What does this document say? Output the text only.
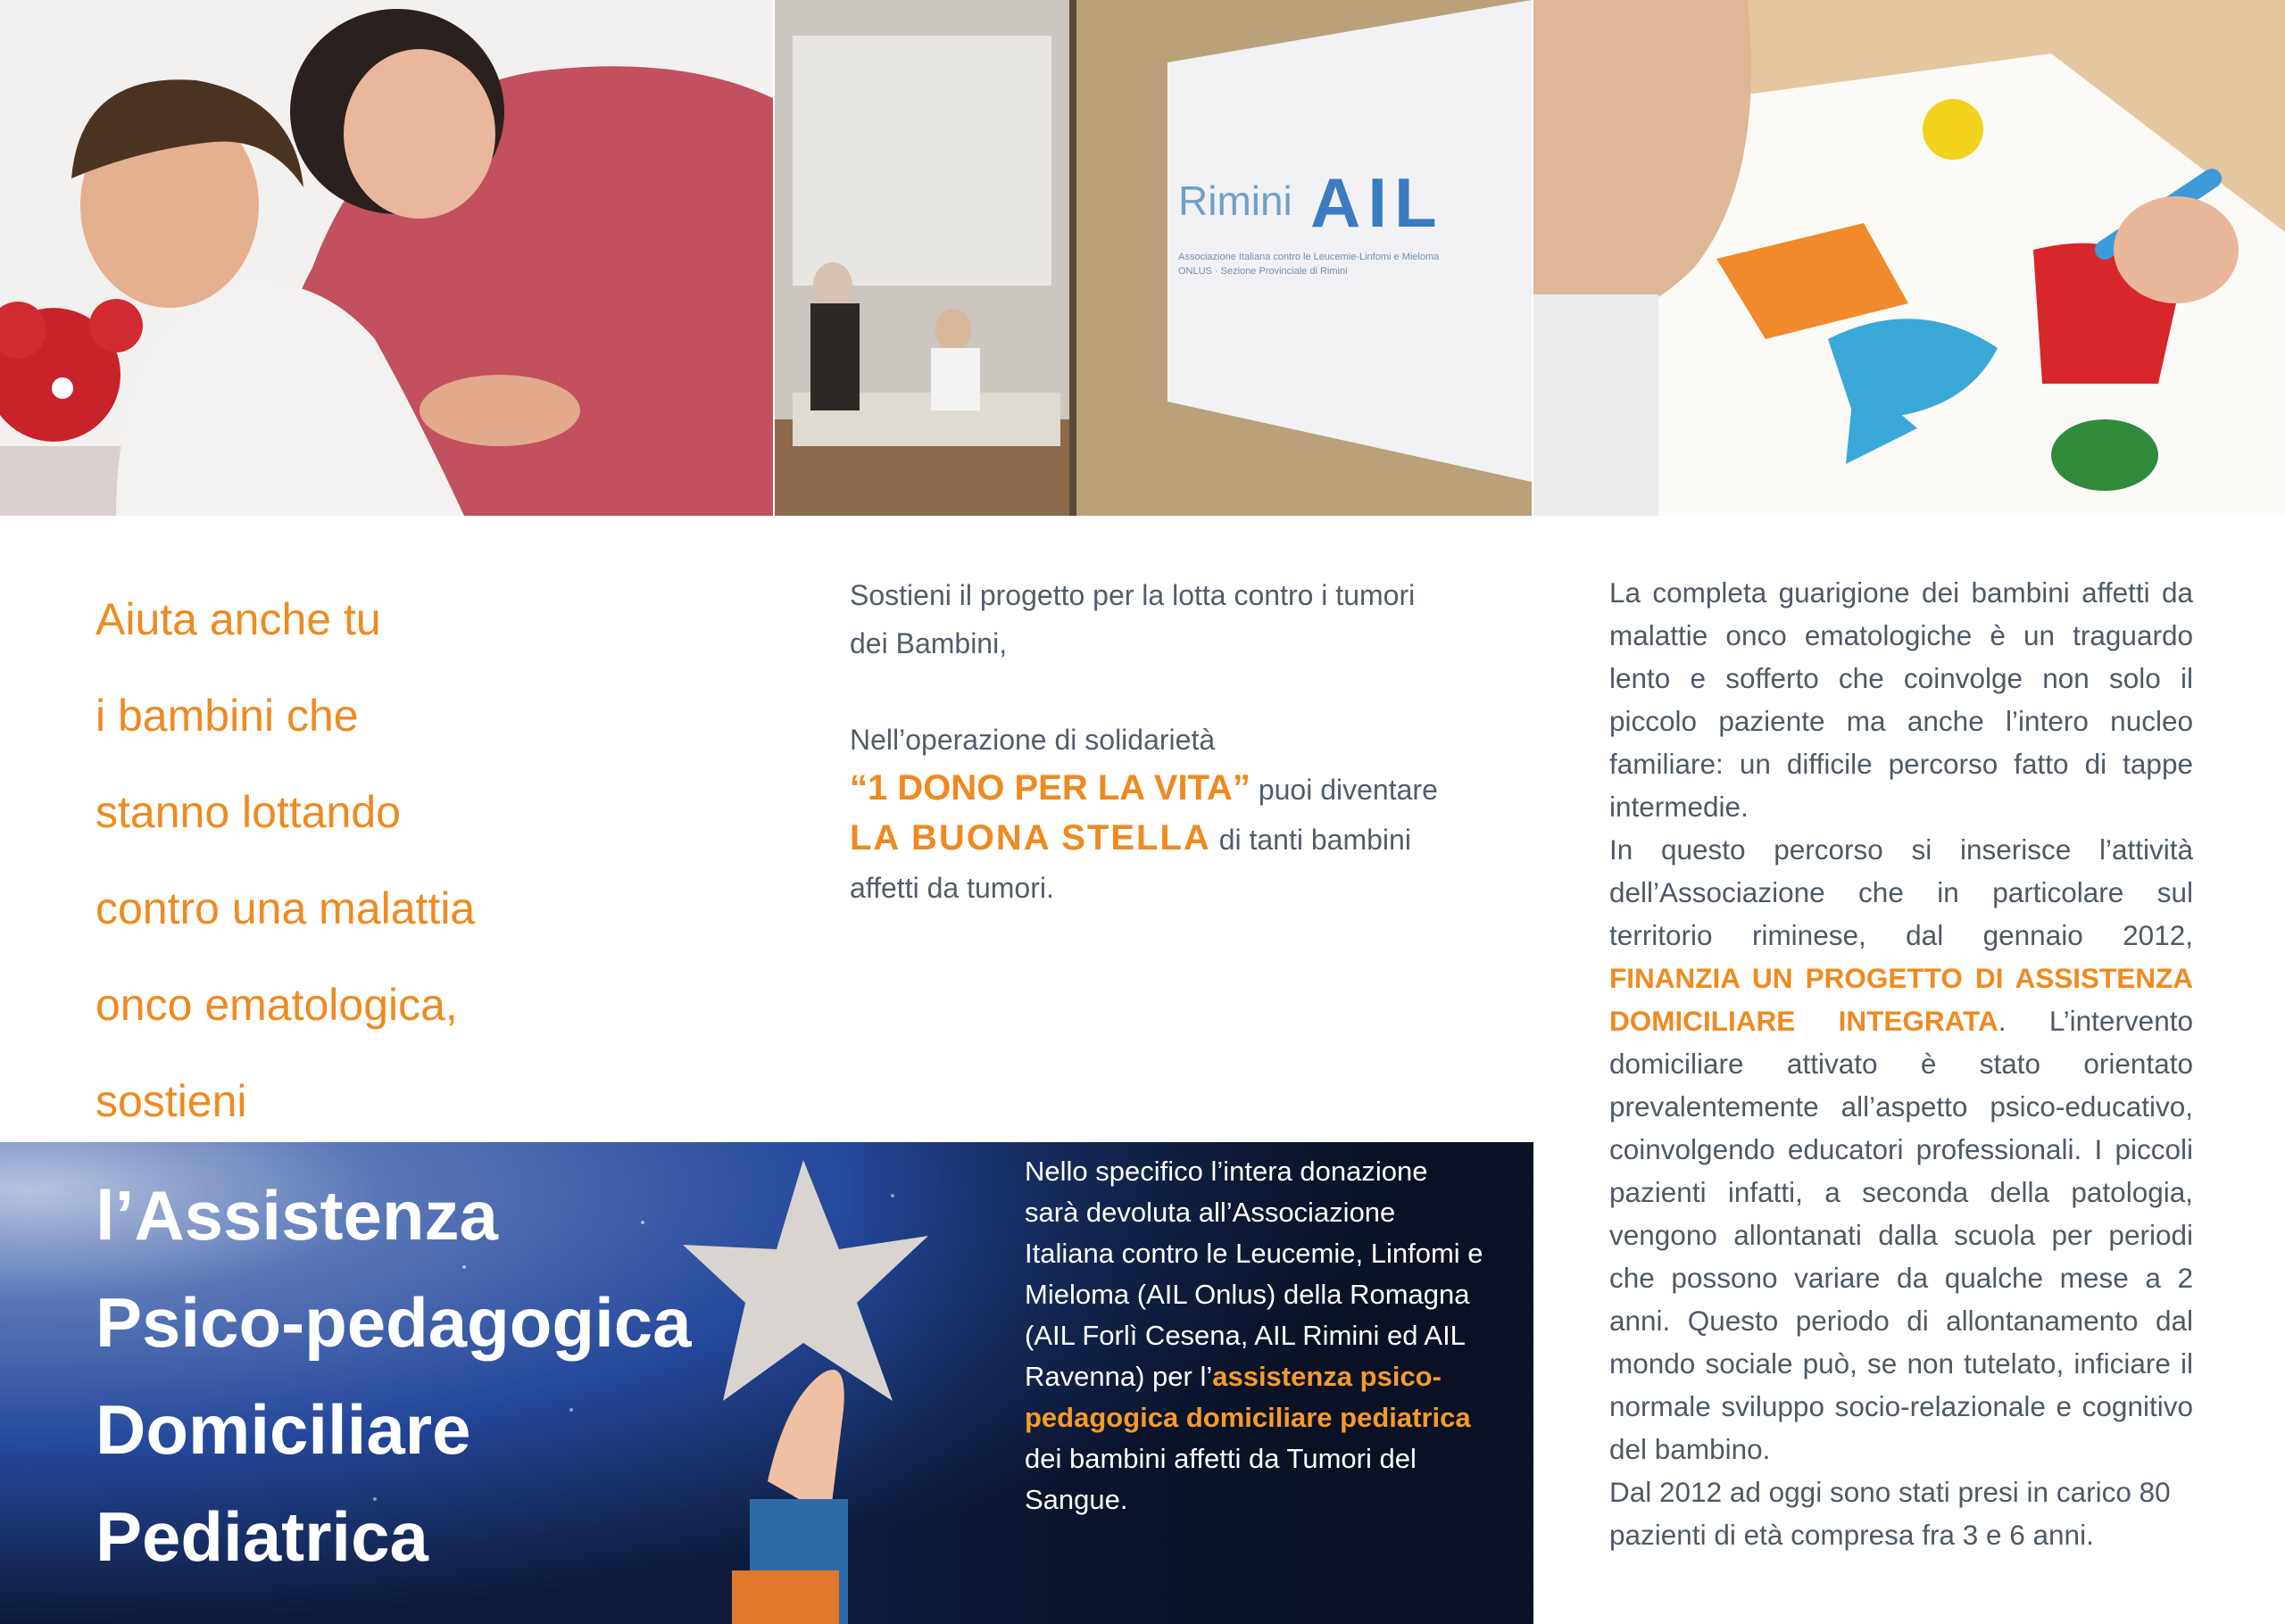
Rimini AIL
Associazione Italiana contro le Leucemie-Linfomi e Mieloma
ONLUS · Sezione Provinciale di Rimini
Aiuta anche tu
i bambini che
stanno lottando
contro una malattia
onco ematologica,
sostieni

Sostieni il progetto per la lotta contro i tumori dei Bambini,

Nell’operazione di solidarietà
“1 DONO PER LA VITA” puoi diventare
LA BUONA STELLA di tanti bambini affetti da tumori.

La completa guarigione dei bambini affetti da malattie onco ematologiche è un traguardo lento e sofferto che coinvolge non solo il piccolo paziente ma anche l’intero nucleo familiare: un difficile percorso fatto di tappe intermedie.

In questo percorso si inserisce l’attività dell’Associazione che in particolare sul territorio riminese, dal gennaio 2012, FINANZIA UN PROGETTO DI ASSISTENZA DOMICILIARE INTEGRATA. L’intervento domiciliare attivato è stato orientato prevalentemente all’aspetto psico-educativo, coinvolgendo educatori professionali. I piccoli pazienti infatti, a seconda della patologia, vengono allontanati dalla scuola per periodi che possono variare da qualche mese a 2 anni. Questo periodo di allontanamento dal mondo sociale può, se non tutelato, inficiare il normale sviluppo socio-relazionale e cognitivo del bambino.

Dal 2012 ad oggi sono stati presi in carico 80 pazienti di età compresa fra 3 e 6 anni.

l’Assistenza
Psico-pedagogica
Domiciliare
Pediatrica
Nello specifico l’intera donazione sarà devoluta all’Associazione Italiana contro le Leucemie, Linfomi e Mieloma (AIL Onlus) della Romagna (AIL Forlì Cesena, AIL Rimini ed AIL Ravenna) per l’assistenza psico-pedagogica domiciliare pediatrica dei bambini affetti da Tumori del Sangue.
